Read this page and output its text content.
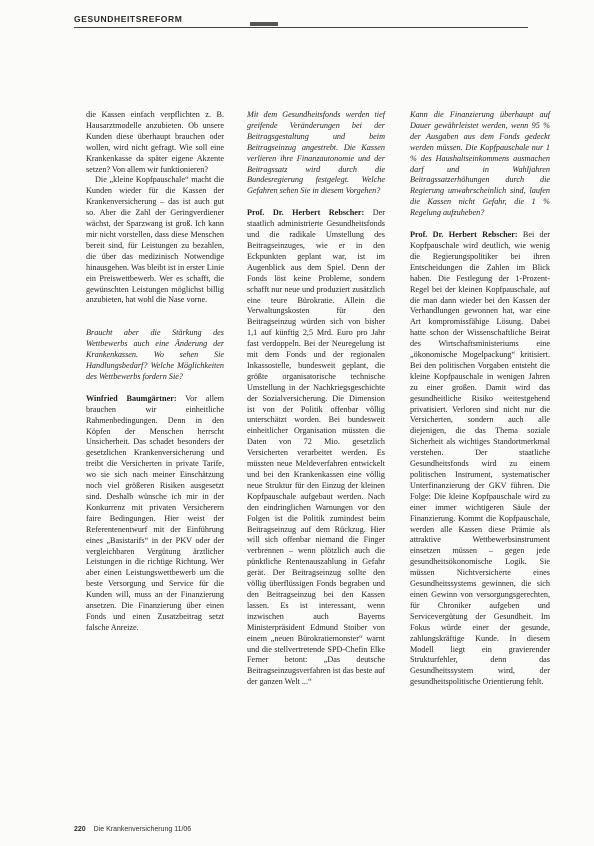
GESUNDHEITSREFORM

die Kassen einfach verpflichten z. B. Hausarztmodelle anzubieten. Ob unsere Kunden diese überhaupt brauchen oder wollen, wird nicht gefragt. Wie soll eine Krankenkasse da später eigene Akzente setzen? Von allem wir funktionieren?

Die „kleine Kopfpauschale“ macht die Kunden wieder für die Kassen der Krankenversicherung – das ist auch gut so. Aber die Zahl der Geringverdiener wächst, der Sparzwang ist groß. Ich kann mir nicht vorstellen, dass diese Menschen bereit sind, für Leistungen zu bezahlen, die über das medizinisch Notwendige hinausgehen. Was bleibt ist in erster Linie ein Preiswettbewerb. Wer es schafft, die gewünschten Leistungen möglichst billig anzubieten, hat wohl die Nase vorne.

Braucht aber die Stärkung des Wettbewerbs auch eine Änderung der Krankenkassen. Wo sehen Sie Handlungsbedarf? Welche Möglichkeiten des Wettbewerbs fordern Sie?

Winfried Baumgärtner: Vor allem brauchen wir einheitliche Rahmenbedingungen. Denn in den Köpfen der Menschen herrscht Unsicherheit. Das schadet besonders der gesetzlichen Krankenversicherung und treibt die Versicherten in private Tarife, wo sie sich nach meiner Einschätzung noch viel größeren Risiken ausgesetzt sind. Deshalb wünsche ich mir in der Konkurrenz mit privaten Versicherern faire Bedingungen. Hier weist der Referentenentwurf mit der Einführung eines „Basistarifs“ in der PKV oder der vergleichbaren Vergütung ärztlicher Leistungen in die richtige Richtung. Wer aber einen Leistungswettbewerb um die beste Versorgung und Service für die Kunden will, muss an der Finanzierung ansetzen. Die Finanzierung über einen Fonds und einen Zusatzbeitrag setzt falsche Anreize.

Mit dem Gesundheitsfonds werden tief greifende Veränderungen bei der Beitragsgestaltung und beim Beitragseinzug angestrebt. Die Kassen verlieren ihre Finanzautonomie und der Beitragssatz wird durch die Bundesregierung festgelegt. Welche Gefahren sehen Sie in diesem Vorgehen?

Prof. Dr. Herbert Rebscher: Der staatlich administrierte Gesundheitsfonds und die radikale Umstellung des Beitragseinzuges, wie er in den Eckpunkten geplant war, ist im Augenblick aus dem Spiel. Denn der Fonds löst keine Probleme, sondern schafft nur neue und produziert zusätzlich eine teure Bürokratie. Allein die Verwaltungskosten für den Beitragseinzug würden sich von bisher 1,1 auf künftig 2,5 Mrd. Euro pro Jahr fast verdoppeln. Bei der Neuregelung ist mit dem Fonds und der regionalen Inkassostelle, bundesweit geplant, die größte organisatorische technische Umstellung in der Nachkriegsgeschichte der Sozialversicherung. Die Dimension ist von der Politik offenbar völlig unterschätzt worden. Bei bundesweit einheitlicher Organisation müssten die Daten von 72 Mio. gesetzlich Versicherten verarbeitet werden. Es müssten neue Meldeverfahren entwickelt und bei den Krankenkassen eine völlig neue Struktur für den Einzug der kleinen Kopfpauschale aufgebaut werden. Nach den eindringlichen Warnungen vor den Folgen ist die Politik zumindest beim Beitragseinzug auf dem Rückzug. Hier will sich offenbar niemand die Finger verbrennen – wenn plötzlich auch die pünktliche Rentenauszahlung in Gefahr gerät. Der Beitragseinzug sollte den völlig überflüssigen Fonds begraben und den Beitragseinzug bei den Kassen lassen. Es ist interessant, wenn inzwischen auch Bayerns Ministerpräsident Edmund Stoiber von einem „neuen Bürokratiemonster“ warnt und die stellvertretende SPD-Chefin Elke Ferner betont: „Das deutsche Beitragseinzugsverfahren ist das beste auf der ganzen Welt ...“

Kann die Finanzierung überhaupt auf Dauer gewährleistet werden, wenn 95 % der Ausgaben aus dem Fonds gedeckt werden müssen. Die Kopfpauschale nur 1 % des Haushaltseinkommens ausmachen darf und in Wahljahren Beitragssatzerhöhungen durch die Regierung unwahrscheinlich sind, laufen die Kassen nicht Gefahr, die 1 % Regelung aufzuheben?

Prof. Dr. Herbert Rebscher: Bei der Kopfpauschale wird deutlich, wie wenig die Regierungspolitiker bei ihren Entscheidungen die Zahlen im Blick haben. Die Festlegung der 1-Prozent-Regel bei der kleinen Kopfpauschale, auf die man dann wieder bei den Kassen der Verhandlungen gewonnen hat, war eine Art kompromissfähige Lösung. Dabei hatte schon der Wissenschaftliche Beirat des Wirtschaftsministeriums eine „ökonomische Mogelpackung“ kritisiert. Bei den politischen Vorgaben entsteht die kleine Kopfpauschale in wenigen Jahren zu einer großen. Damit wird das gesundheitliche Risiko weitestgehend privatisiert. Verloren sind nicht nur die Versicherten, sondern auch alle diejenigen, die das Thema soziale Sicherheit als wichtiges Standortmerkmal verstehen. Der staatliche Gesundheitsfonds wird zu einem politischen Instrument, systematischer Unterfinanzierung der GKV führen. Die Folge: Die kleine Kopfpauschale wird zu einer immer wichtigeren Säule der Finanzierung. Kommt die Kopfpauschale, werden alle Kassen diese Prämie als attraktive Wettbewerbsinstrument einsetzen müssen – gegen jede gesundheitsökonomische Logik. Sie müssen Nichtversicherte eines Gesundheitssystems gewinnen, die sich einen Gewinn von versorgungsgerechten, für Chroniker aufgeben und Servicevergütung der Gesundheit. Im Fokus würde einer der gesunde, zahlungskräftige Kunde. In diesem Modell liegt ein gravierender Strukturfehler, denn das Gesundheitssystem wird, der gesundheitspolitische Orientierung fehlt.

220 Die Krankenversicherung 11/06
